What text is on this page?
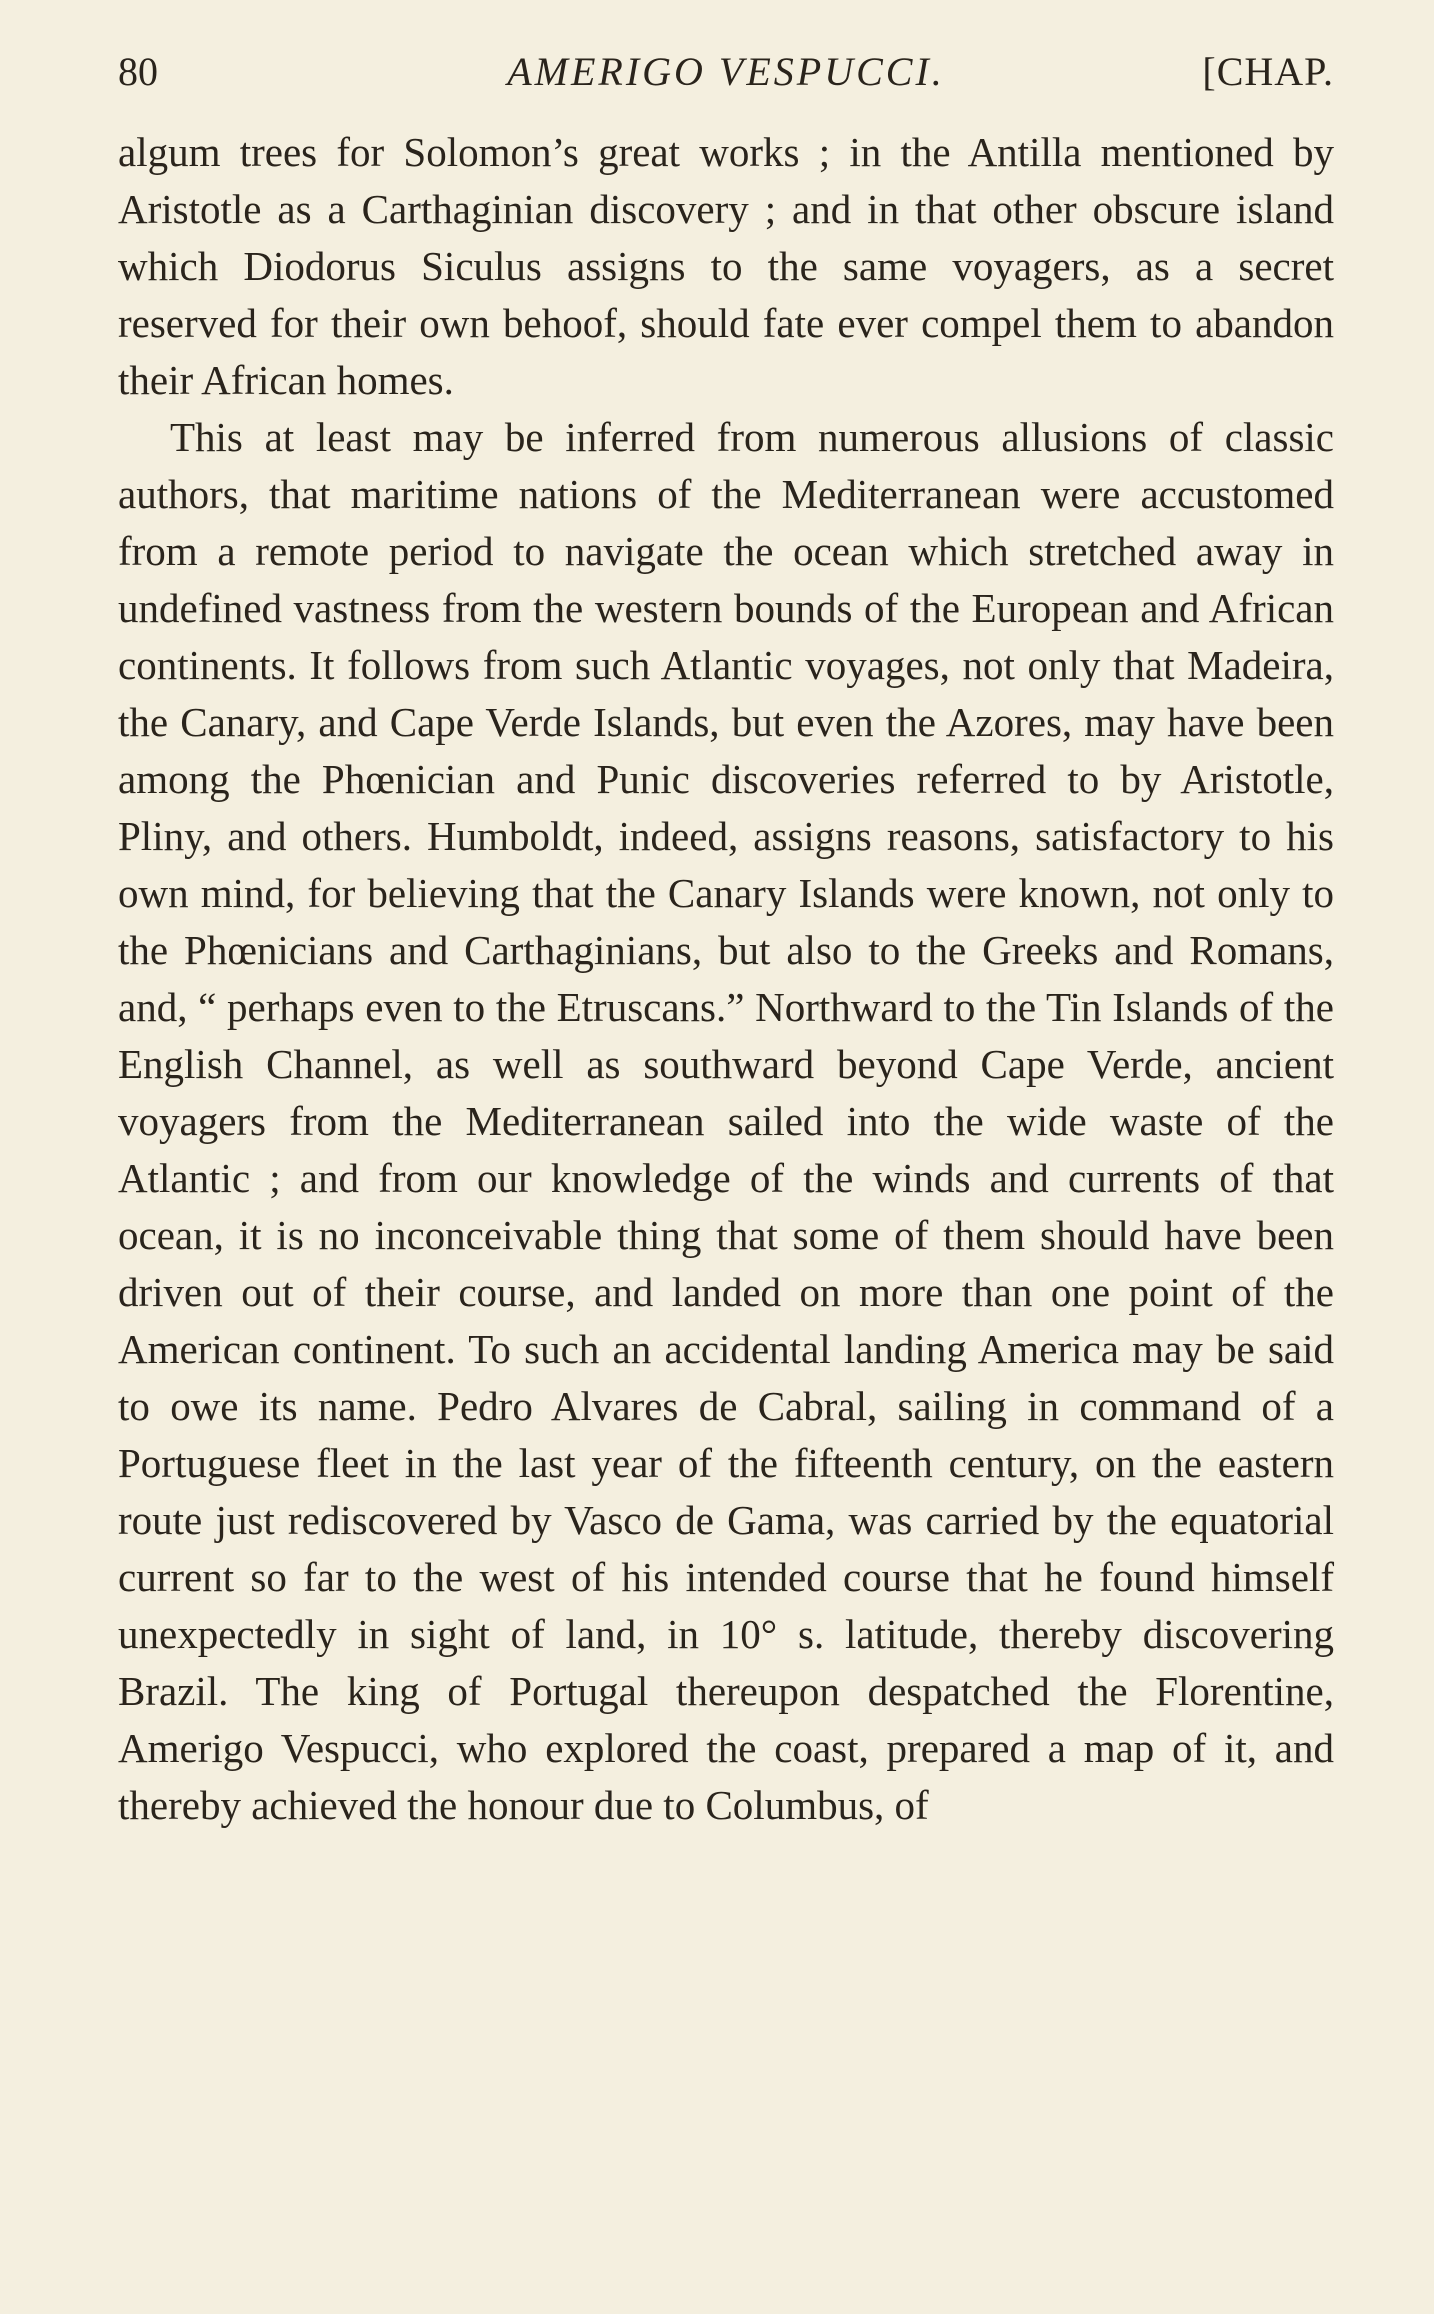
80	AMERIGO VESPUCCI.	[CHAP.

algum trees for Solomon’s great works ; in the Antilla mentioned by Aristotle as a Carthaginian discovery ; and in that other obscure island which Diodorus Siculus assigns to the same voyagers, as a secret reserved for their own behoof, should fate ever compel them to abandon their African homes.

This at least may be inferred from numerous allusions of classic authors, that maritime nations of the Mediterranean were accustomed from a remote period to navigate the ocean which stretched away in undefined vastness from the western bounds of the European and African continents. It follows from such Atlantic voyages, not only that Madeira, the Canary, and Cape Verde Islands, but even the Azores, may have been among the Phœnician and Punic discoveries referred to by Aristotle, Pliny, and others. Humboldt, indeed, assigns reasons, satisfactory to his own mind, for believing that the Canary Islands were known, not only to the Phœnicians and Carthaginians, but also to the Greeks and Romans, and, “ perhaps even to the Etruscans.” Northward to the Tin Islands of the English Channel, as well as southward beyond Cape Verde, ancient voyagers from the Mediterranean sailed into the wide waste of the Atlantic ; and from our knowledge of the winds and currents of that ocean, it is no inconceivable thing that some of them should have been driven out of their course, and landed on more than one point of the American continent. To such an accidental landing America may be said to owe its name. Pedro Alvares de Cabral, sailing in command of a Portuguese fleet in the last year of the fifteenth century, on the eastern route just rediscovered by Vasco de Gama, was carried by the equatorial current so far to the west of his intended course that he found himself unexpectedly in sight of land, in 10° s. latitude, thereby discovering Brazil. The king of Portugal thereupon despatched the Florentine, Amerigo Vespucci, who explored the coast, prepared a map of it, and thereby achieved the honour due to Columbus, of
